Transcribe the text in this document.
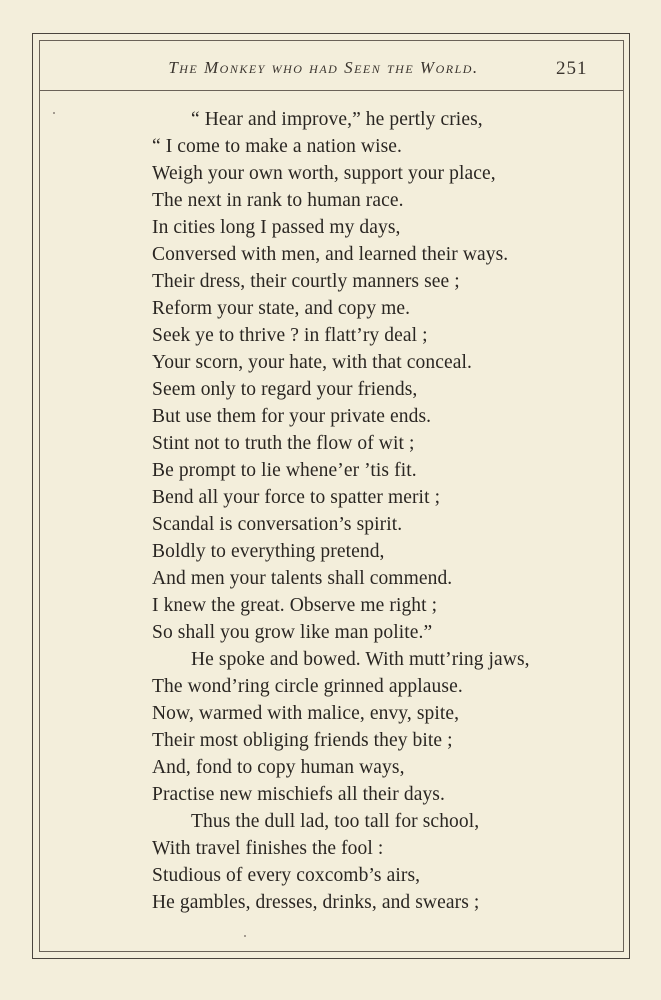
The Monkey who had Seen the World.	251
“ Hear and improve,” he pertly cries,
“ I come to make a nation wise.
Weigh your own worth, support your place,
The next in rank to human race.
In cities long I passed my days,
Conversed with men, and learned their ways.
Their dress, their courtly manners see ;
Reform your state, and copy me.
Seek ye to thrive ? in flatt’ry deal ;
Your scorn, your hate, with that conceal.
Seem only to regard your friends,
But use them for your private ends.
Stint not to truth the flow of wit ;
Be prompt to lie whene’er ’tis fit.
Bend all your force to spatter merit ;
Scandal is conversation’s spirit.
Boldly to everything pretend,
And men your talents shall commend.
I knew the great. Observe me right ;
So shall you grow like man polite.”
He spoke and bowed. With mutt’ring jaws,
The wond’ring circle grinned applause.
Now, warmed with malice, envy, spite,
Their most obliging friends they bite ;
And, fond to copy human ways,
Practise new mischiefs all their days.
Thus the dull lad, too tall for school,
With travel finishes the fool :
Studious of every coxcomb’s airs,
He gambles, dresses, drinks, and swears ;
